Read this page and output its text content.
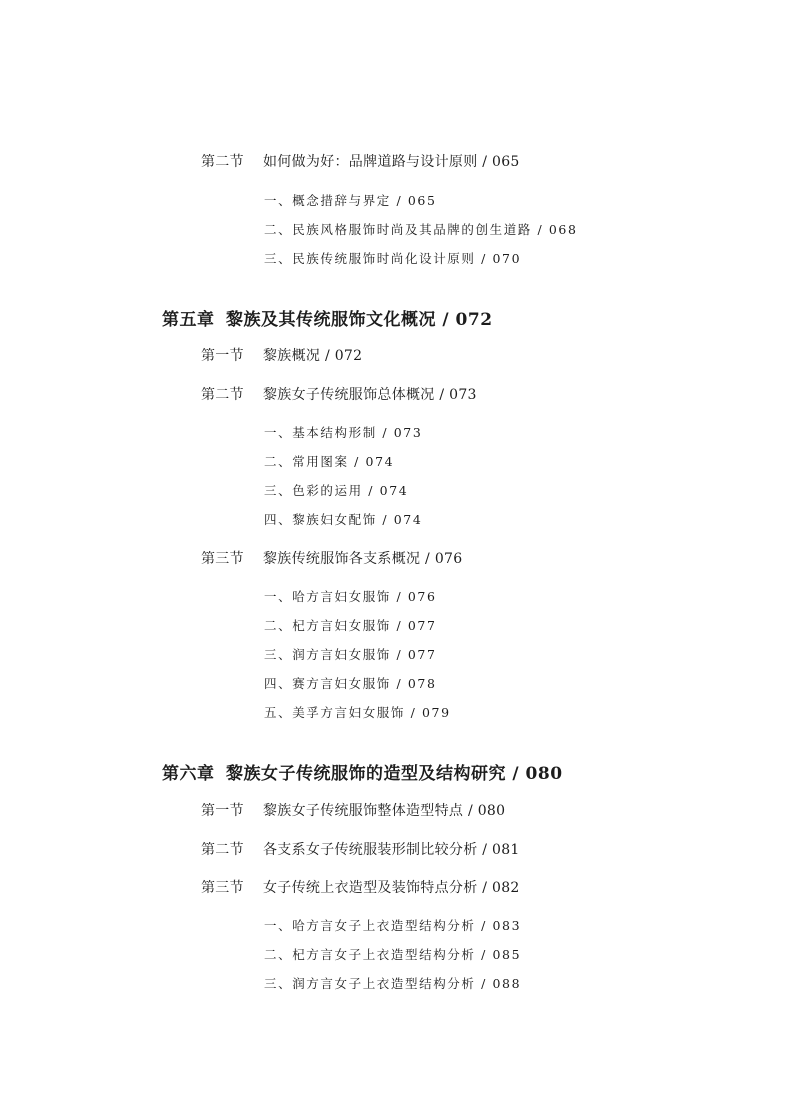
第二节 如何做为好：品牌道路与设计原则 / 065
一、概念措辞与界定 / 065
二、民族风格服饰时尚及其品牌的创生道路 / 068
三、民族传统服饰时尚化设计原则 / 070
第五章 黎族及其传统服饰文化概况 / 072
第一节 黎族概况 / 072
第二节 黎族女子传统服饰总体概况 / 073
一、基本结构形制 / 073
二、常用图案 / 074
三、色彩的运用 / 074
四、黎族妇女配饰 / 074
第三节 黎族传统服饰各支系概况 / 076
一、哈方言妇女服饰 / 076
二、杞方言妇女服饰 / 077
三、润方言妇女服饰 / 077
四、赛方言妇女服饰 / 078
五、美孚方言妇女服饰 / 079
第六章 黎族女子传统服饰的造型及结构研究 / 080
第一节 黎族女子传统服饰整体造型特点 / 080
第二节 各支系女子传统服装形制比较分析 / 081
第三节 女子传统上衣造型及装饰特点分析 / 082
一、哈方言女子上衣造型结构分析 / 083
二、杞方言女子上衣造型结构分析 / 085
三、润方言女子上衣造型结构分析 / 088
